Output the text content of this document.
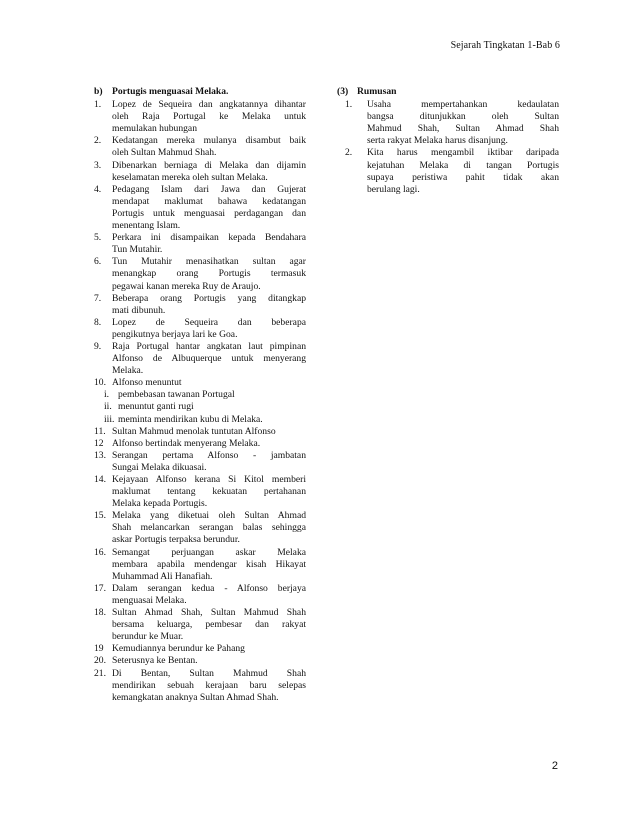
Sejarah Tingkatan 1-Bab 6
b) Portugis menguasai Melaka.
1.	Lopez de Sequeira dan angkatannya dihantar
oleh Raja Portugal ke Melaka untuk
memulakan hubungan
2.	Kedatangan mereka mulanya disambut baik
oleh Sultan Mahmud Shah.
3.	Dibenarkan berniaga di Melaka dan dijamin
keselamatan mereka oleh sultan Melaka.
4.	Pedagang Islam dari Jawa dan Gujerat
mendapat maklumat bahawa kedatangan
Portugis untuk menguasai perdagangan dan
menentang Islam.
5.	Perkara ini disampaikan kepada Bendahara
Tun Mutahir.
6.	Tun Mutahir menasihatkan sultan agar
menangkap orang Portugis termasuk
pegawai kanan mereka Ruy de Araujo.
7.	Beberapa orang Portugis yang ditangkap
mati dibunuh.
8.	Lopez de Sequeira dan beberapa
pengikutnya berjaya lari ke Goa.
9.	Raja Portugal hantar angkatan laut pimpinan
Alfonso de Albuquerque untuk menyerang
Melaka.
10. Alfonso menuntut
i. pembebasan tawanan Portugal
ii. menuntut ganti rugi
iii. meminta mendirikan kubu di Melaka.
11. Sultan Mahmud menolak tuntutan Alfonso
12 Alfonso bertindak menyerang Melaka.
13. Serangan pertama Alfonso - jambatan
Sungai Melaka dikuasai.
14. Kejayaan Alfonso kerana Si Kitol memberi
maklumat tentang kekuatan pertahanan
Melaka kepada Portugis.
15. Melaka yang diketuai oleh Sultan Ahmad
Shah melancarkan serangan balas sehingga
askar Portugis terpaksa berundur.
16. Semangat perjuangan askar Melaka
membara apabila mendengar kisah Hikayat
Muhammad Ali Hanafiah.
17. Dalam serangan kedua - Alfonso berjaya
menguasai Melaka.
18. Sultan Ahmad Shah, Sultan Mahmud Shah
bersama keluarga, pembesar dan rakyat
berundur ke Muar.
19 Kemudiannya berundur ke Pahang
20. Seterusnya ke Bentan.
21. Di Bentan, Sultan Mahmud Shah
mendirikan sebuah kerajaan baru selepas
kemangkatan anaknya Sultan Ahmad Shah.
(3) Rumusan
1.	Usaha mempertahankan kedaulatan
bangsa ditunjukkan oleh Sultan
Mahmud Shah, Sultan Ahmad Shah
serta rakyat Melaka harus disanjung.
2.	Kita harus mengambil iktibar daripada
kejatuhan Melaka di tangan Portugis
supaya peristiwa pahit tidak akan
berulang lagi.
2
